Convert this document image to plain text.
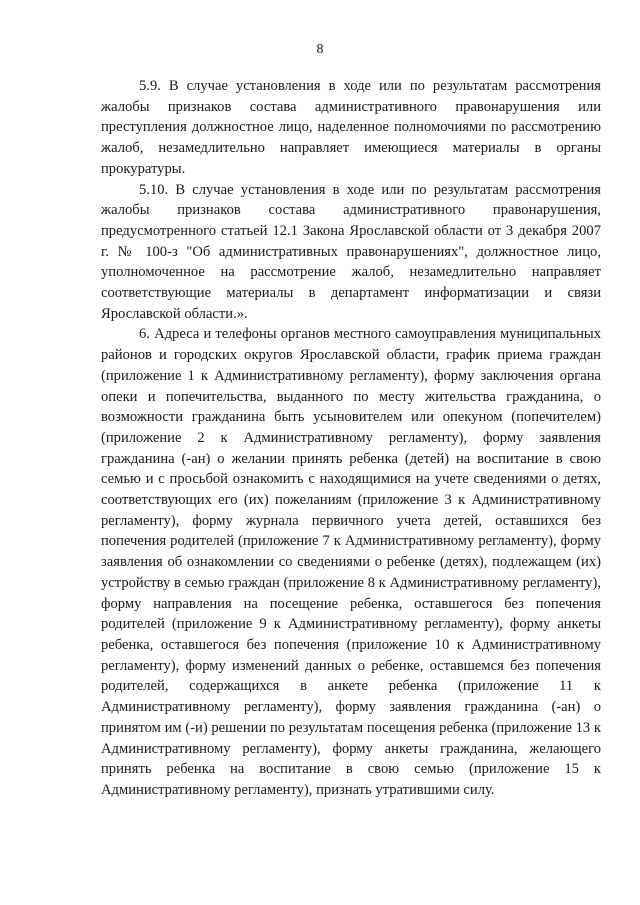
8

5.9. В случае установления в ходе или по результатам рассмотрения жалобы признаков состава административного правонарушения или преступления должностное лицо, наделенное полномочиями по рассмотрению жалоб, незамедлительно направляет имеющиеся материалы в органы прокуратуры.

5.10. В случае установления в ходе или по результатам рассмотрения жалобы признаков состава административного правонарушения, предусмотренного статьей 12.1 Закона Ярославской области от 3 декабря 2007 г. № 100-з "Об административных правонарушениях", должностное лицо, уполномоченное на рассмотрение жалоб, незамедлительно направляет соответствующие материалы в департамент информатизации и связи Ярославской области.».

6. Адреса и телефоны органов местного самоуправления муниципальных районов и городских округов Ярославской области, график приема граждан (приложение 1 к Административному регламенту), форму заключения органа опеки и попечительства, выданного по месту жительства гражданина, о возможности гражданина быть усыновителем или опекуном (попечителем) (приложение 2 к Административному регламенту), форму заявления гражданина (-ан) о желании принять ребенка (детей) на воспитание в свою семью и с просьбой ознакомить с находящимися на учете сведениями о детях, соответствующих его (их) пожеланиям (приложение 3 к Административному регламенту), форму журнала первичного учета детей, оставшихся без попечения родителей (приложение 7 к Административному регламенту), форму заявления об ознакомлении со сведениями о ребенке (детях), подлежащем (их) устройству в семью граждан (приложение 8 к Административному регламенту), форму направления на посещение ребенка, оставшегося без попечения родителей (приложение 9 к Административному регламенту), форму анкеты ребенка, оставшегося без попечения (приложение 10 к Административному регламенту), форму изменений данных о ребенке, оставшемся без попечения родителей, содержащихся в анкете ребенка (приложение 11 к Административному регламенту), форму заявления гражданина (-ан) о принятом им (-и) решении по результатам посещения ребенка (приложение 13 к Административному регламенту), форму анкеты гражданина, желающего принять ребенка на воспитание в свою семью (приложение 15 к Административному регламенту), признать утратившими силу.
